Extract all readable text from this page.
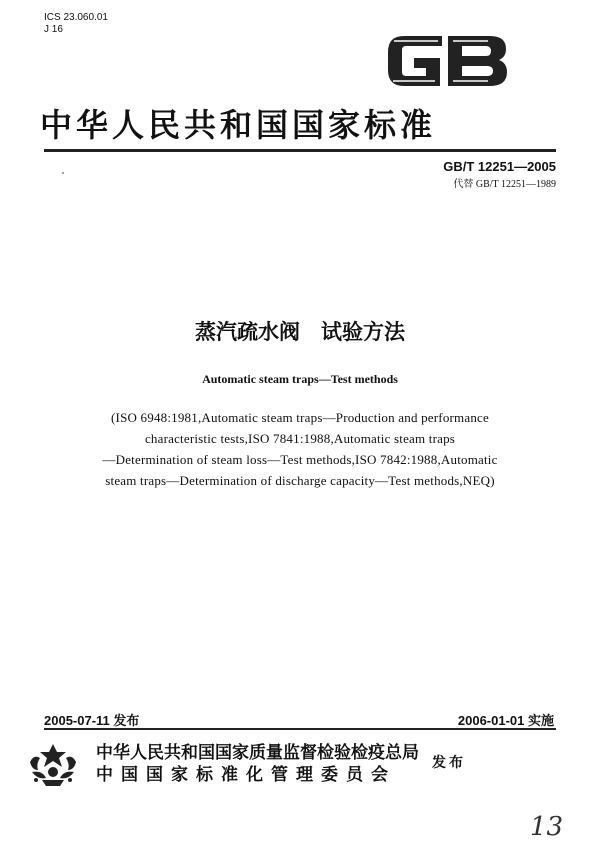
ICS 23.060.01
J 16
中华人民共和国国家标准
GB/T 12251—2005
代替 GB/T 12251—1989
蒸汽疏水阀　试验方法
Automatic steam traps—Test methods
(ISO 6948:1981,Automatic steam traps—Production and performance
characteristic tests,ISO 7841:1988,Automatic steam traps
—Determination of steam loss—Test methods,ISO 7842:1988,Automatic
steam traps—Determination of discharge capacity—Test methods,NEQ)
2005-07-11 发布	2006-01-01 实施
中华人民共和国国家质量监督检验检疫总局
中国国家标准化管理委员会
发布
13
